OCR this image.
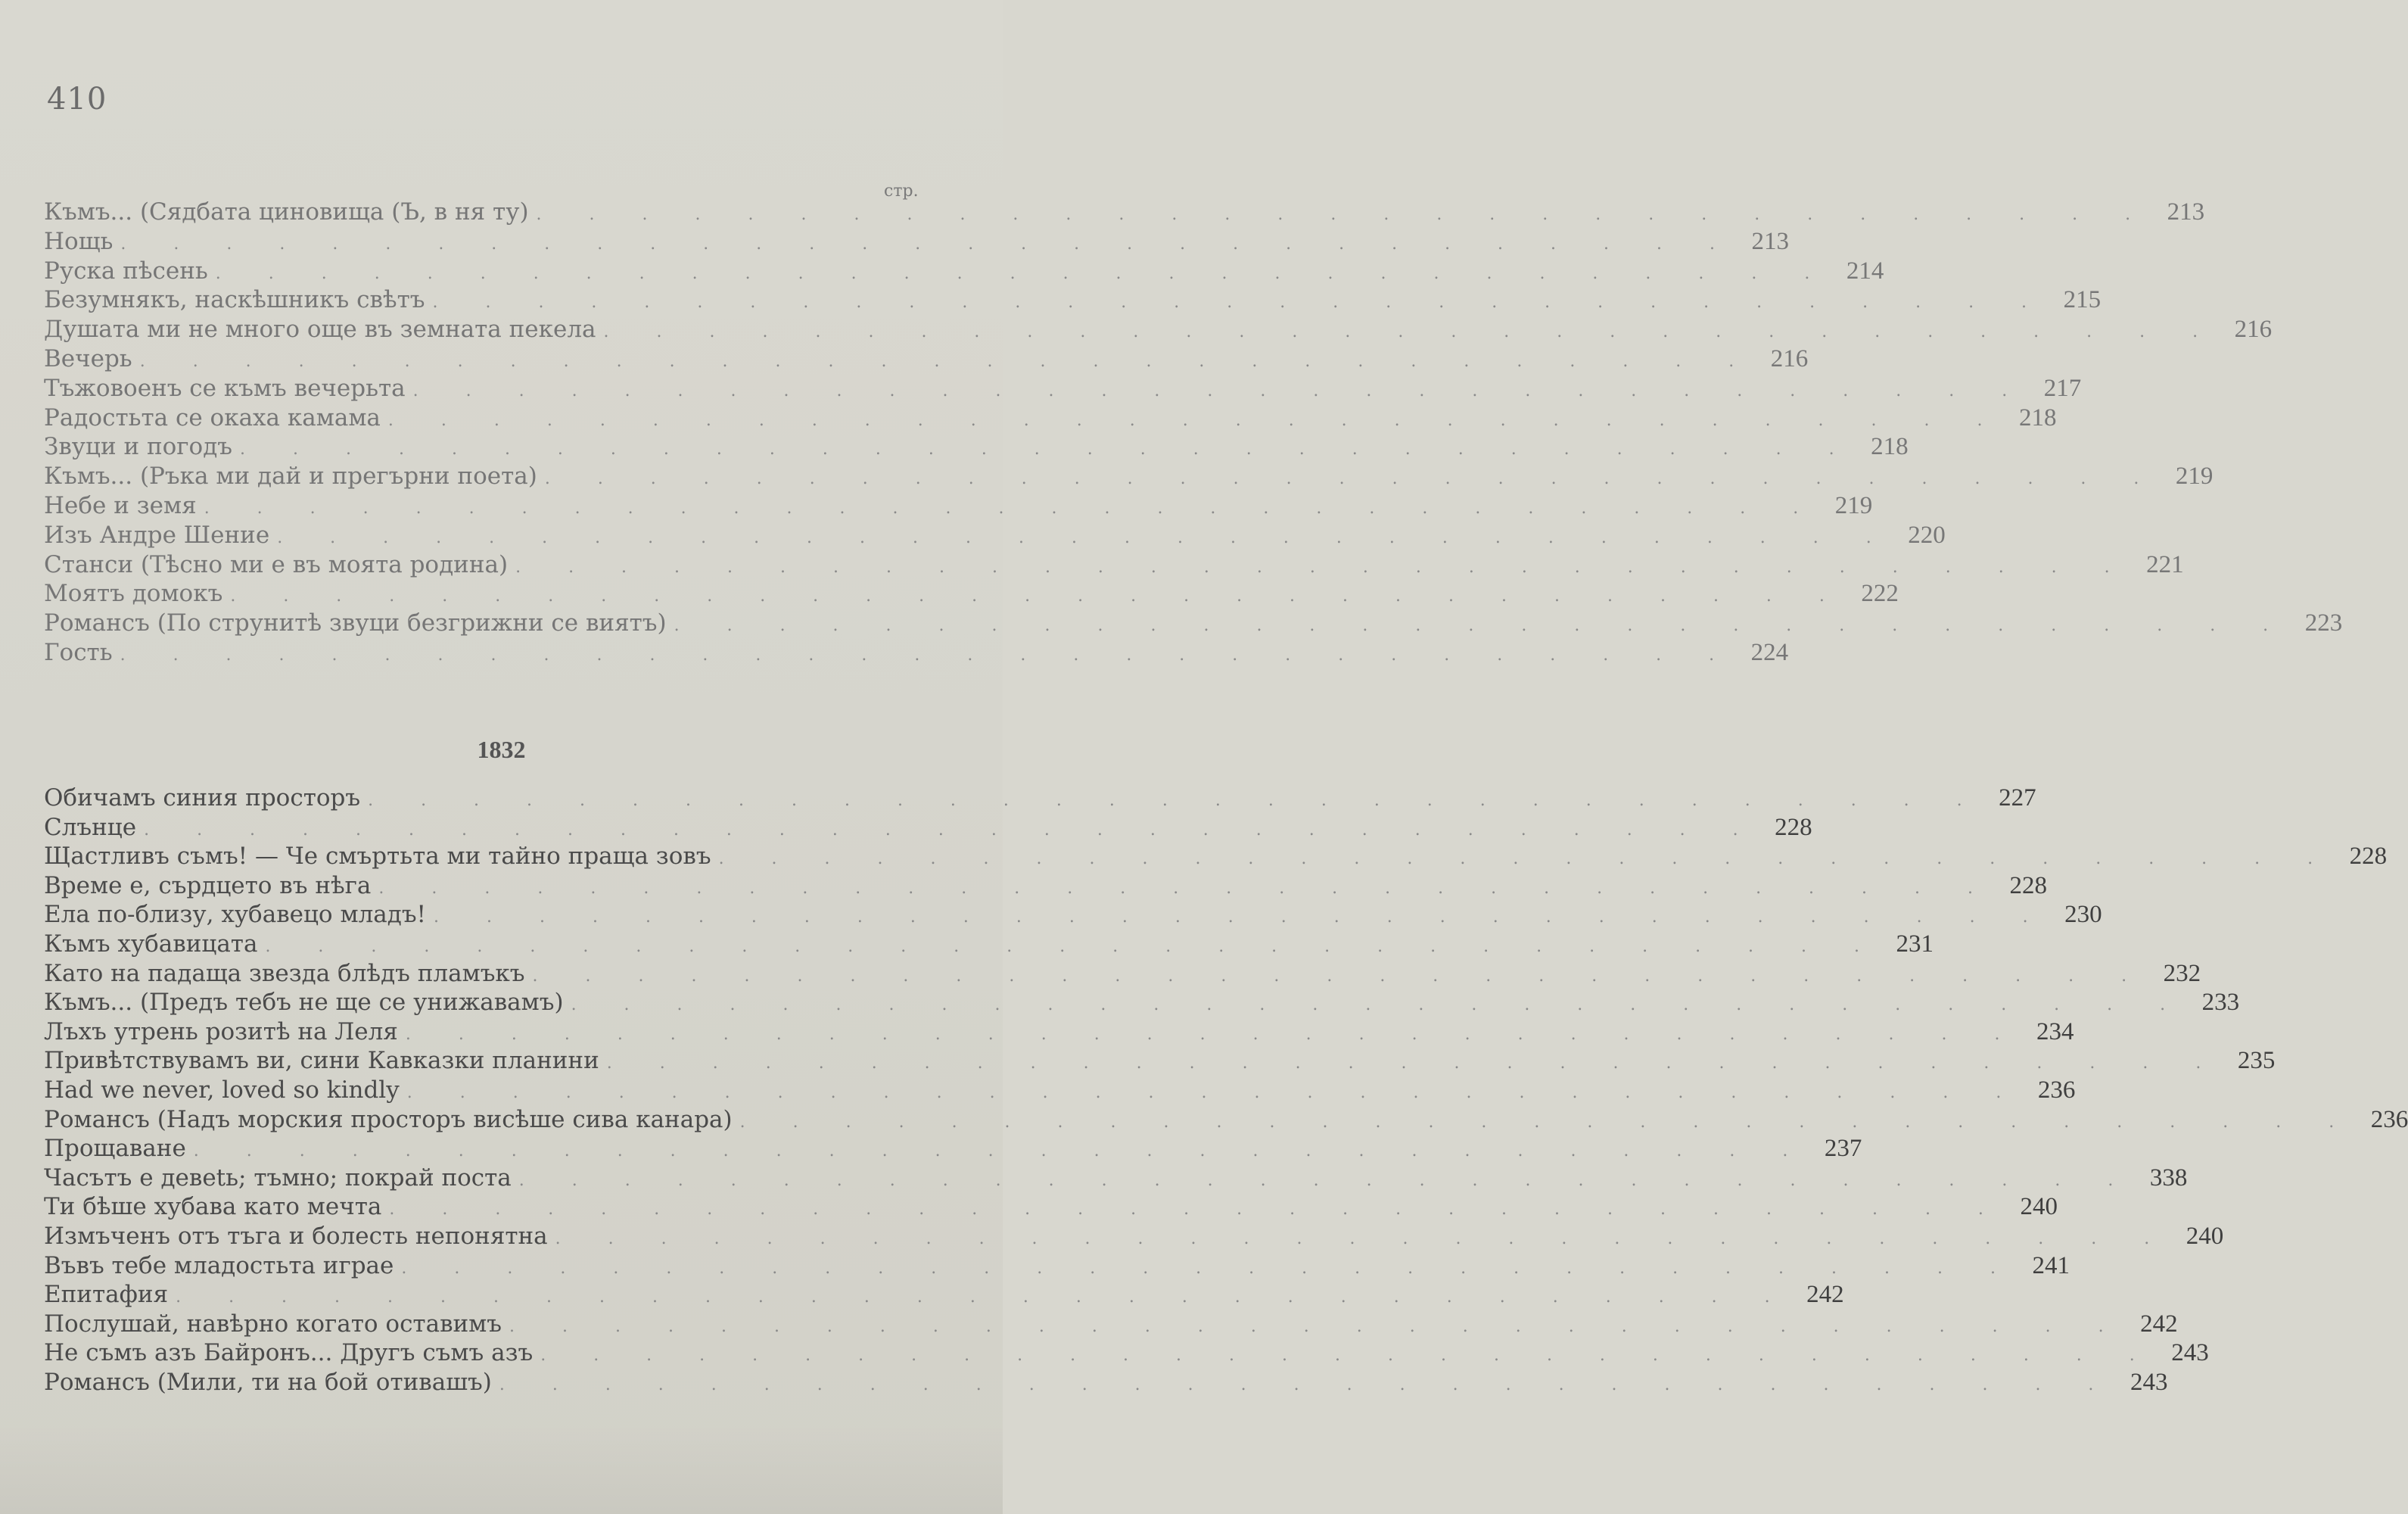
410
стр.
Къмъ... (Сядбата циновища (Ъ, в ня ту) . . . . . . . . . . . . . . . . . . . . . . . . . . . . . . . 213
Нощь . . . . . . . . . . . . . . . . . . . . . . . . . . . . . . . 213
Руска пѣсень . . . . . . . . . . . . . . . . . . . . . . . . . . . . . . . 214
Безумнякъ, наскѣшникъ свѣтъ . . . . . . . . . . . . . . . . . . . . . . . . . . . . . . . 215
Душата ми не много още въ земната пекела . . . . . . . . . . . . . . . . . . . . . . . . . . . . . . . 216
Вечерь . . . . . . . . . . . . . . . . . . . . . . . . . . . . . . . 216
Тъжовоенъ се къмъ вечерьта . . . . . . . . . . . . . . . . . . . . . . . . . . . . . . . 217
Радостьта се окаха камама . . . . . . . . . . . . . . . . . . . . . . . . . . . . . . . 218
Звуци и погодъ . . . . . . . . . . . . . . . . . . . . . . . . . . . . . . . 218
Къмъ... (Ръка ми дай и прегърни поета) . . . . . . . . . . . . . . . . . . . . . . . . . . . . . . . 219
Небе и земя . . . . . . . . . . . . . . . . . . . . . . . . . . . . . . . 219
Изъ Андре Шение . . . . . . . . . . . . . . . . . . . . . . . . . . . . . . . 220
Станси (Тѣсно ми е въ моята родина) . . . . . . . . . . . . . . . . . . . . . . . . . . . . . . . 221
Моятъ домокъ . . . . . . . . . . . . . . . . . . . . . . . . . . . . . . . 222
Романсъ (По струнитѣ звуци безгрижни се виятъ) . . . . . . . . . . . . . . . . . . . . . . . . . . . . . . . 223
Гость . . . . . . . . . . . . . . . . . . . . . . . . . . . . . . . 224
1832
Обичамъ синия просторъ . . . . . . . . . . . . . . . . . . . . . . . . . . . . . . . 227
Слънце . . . . . . . . . . . . . . . . . . . . . . . . . . . . . . . 228
Щастливъ съмъ! — Че смъртьта ми тайно праща зовъ . . . . . . . . . . . . . . . . . . . . . . . . . . . . . . . 228
Време е, сърдцето въ нѣга . . . . . . . . . . . . . . . . . . . . . . . . . . . . . . . 228
Ела по-близу, хубавецо младъ! . . . . . . . . . . . . . . . . . . . . . . . . . . . . . . . 230
Къмъ хубавицата . . . . . . . . . . . . . . . . . . . . . . . . . . . . . . . 231
Като на падаща звезда блѣдъ пламъкъ . . . . . . . . . . . . . . . . . . . . . . . . . . . . . . . 232
Къмъ... (Предъ тебъ не ще се унижавамъ) . . . . . . . . . . . . . . . . . . . . . . . . . . . . . . . 233
Лъхъ утрень розитѣ на Леля . . . . . . . . . . . . . . . . . . . . . . . . . . . . . . . 234
Привѣтствувамъ ви, сини Кавказки планини . . . . . . . . . . . . . . . . . . . . . . . . . . . . . . . 235
Had we never, loved so kindly . . . . . . . . . . . . . . . . . . . . . . . . . . . . . . . 236
Романсъ (Надъ морския просторъ висѣше сива канара) . . . . . . . . . . . . . . . . . . . . . . . . . . . . . . . 236
Прощаване . . . . . . . . . . . . . . . . . . . . . . . . . . . . . . . 237
Часътъ е девеtь; тъмно; покрай поста . . . . . . . . . . . . . . . . . . . . . . . . . . . . . . . 338
Ти бѣше хубава като мечта . . . . . . . . . . . . . . . . . . . . . . . . . . . . . . . 240
Измъченъ отъ тъга и болесть непонятна . . . . . . . . . . . . . . . . . . . . . . . . . . . . . . . 240
Въвъ тебе младостьта играе . . . . . . . . . . . . . . . . . . . . . . . . . . . . . . . 241
Епитафия . . . . . . . . . . . . . . . . . . . . . . . . . . . . . . . 242
Послушай, навѣрно когато оставимъ . . . . . . . . . . . . . . . . . . . . . . . . . . . . . . . 242
Не съмъ азъ Байронъ... Другъ съмъ азъ . . . . . . . . . . . . . . . . . . . . . . . . . . . . . . . 243
Романсъ (Мили, ти на бой отивашъ) . . . . . . . . . . . . . . . . . . . . . . . . . . . . . . . 243
